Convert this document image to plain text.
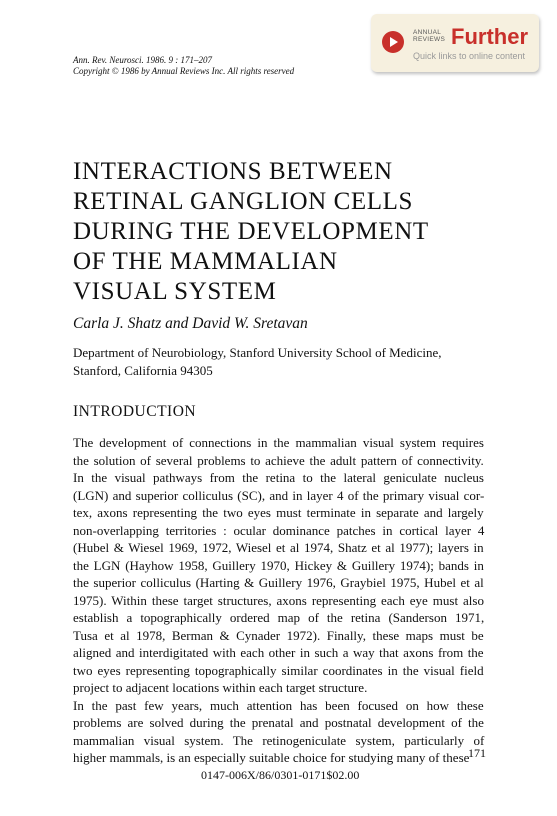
Ann. Rev. Neurosci. 1986. 9 : 171–207
Copyright © 1986 by Annual Reviews Inc. All rights reserved
ANNUAL
REVIEWS Further
Quick links to online content
INTERACTIONS BETWEEN
RETINAL GANGLION CELLS
DURING THE DEVELOPMENT
OF THE MAMMALIAN
VISUAL SYSTEM
Carla J. Shatz and David W. Sretavan
Department of Neurobiology, Stanford University School of Medicine,
Stanford, California 94305
INTRODUCTION
The development of connections in the mammalian visual system requires
the solution of several problems to achieve the adult pattern of connectivity.
In the visual pathways from the retina to the lateral geniculate nucleus
(LGN) and superior colliculus (SC), and in layer 4 of the primary visual cor-
tex, axons representing the two eyes must terminate in separate and largely
non-overlapping territories : ocular dominance patches in cortical layer 4
(Hubel & Wiesel 1969, 1972, Wiesel et al 1974, Shatz et al 1977); layers in
the LGN (Hayhow 1958, Guillery 1970, Hickey & Guillery 1974); bands in
the superior colliculus (Harting & Guillery 1976, Graybiel 1975, Hubel et al
1975). Within these target structures, axons representing each eye must also
establish a topographically ordered map of the retina (Sanderson 1971,
Tusa et al 1978, Berman & Cynader 1972). Finally, these maps must be
aligned and interdigitated with each other in such a way that axons from the
two eyes representing topographically similar coordinates in the visual field
project to adjacent locations within each target structure.
In the past few years, much attention has been focused on how these
problems are solved during the prenatal and postnatal development of the
mammalian visual system. The retinogeniculate system, particularly of
higher mammals, is an especially suitable choice for studying many of these
171
0147-006X/86/0301-0171$02.00
